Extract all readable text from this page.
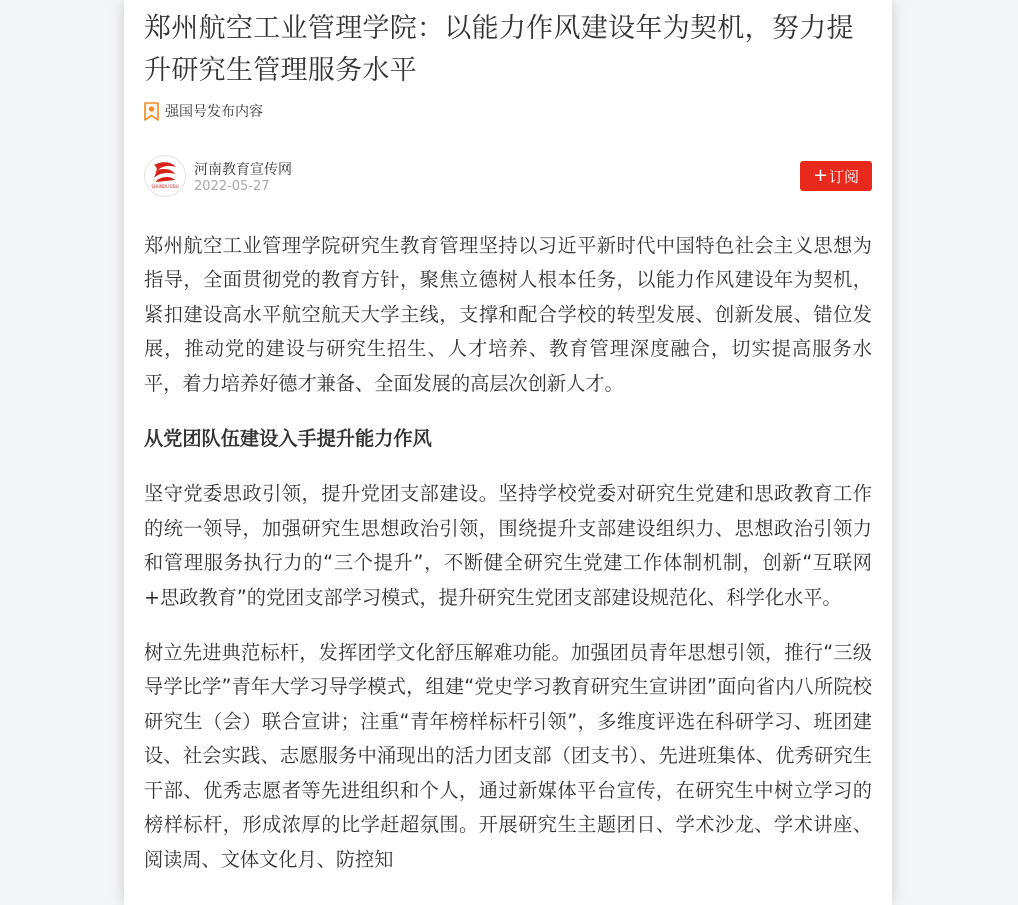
郑州航空工业管理学院：以能力作风建设年为契机，努力提升研究生管理服务水平
强国号发布内容
SHUNDU EDU
河南教育宣传网
2022-05-27
+ 订阅

郑州航空工业管理学院研究生教育管理坚持以习近平新时代中国特色社会主义思想为指导，全面贯彻党的教育方针，聚焦立德树人根本任务，以能力作风建设年为契机，紧扣建设高水平航空航天大学主线，支撑和配合学校的转型发展、创新发展、错位发展，推动党的建设与研究生招生、人才培养、教育管理深度融合，切实提高服务水平，着力培养好德才兼备、全面发展的高层次创新人才。

从党团队伍建设入手提升能力作风

坚守党委思政引领，提升党团支部建设。坚持学校党委对研究生党建和思政教育工作的统一领导，加强研究生思想政治引领，围绕提升支部建设组织力、思想政治引领力和管理服务执行力的“三个提升”，不断健全研究生党建工作体制机制，创新“互联网+思政教育”的党团支部学习模式，提升研究生党团支部建设规范化、科学化水平。

树立先进典范标杆，发挥团学文化舒压解难功能。加强团员青年思想引领，推行“三级导学比学”青年大学习导学模式，组建“党史学习教育研究生宣讲团”面向省内八所院校研究生（会）联合宣讲；注重“青年榜样标杆引领”，多维度评选在科研学习、班团建设、社会实践、志愿服务中涌现出的活力团支部（团支书）、先进班集体、优秀研究生干部、优秀志愿者等先进组织和个人，通过新媒体平台宣传，在研究生中树立学习的榜样标杆，形成浓厚的比学赶超氛围。开展研究生主题团日、学术沙龙、学术讲座、阅读周、文体文化月、防控知
